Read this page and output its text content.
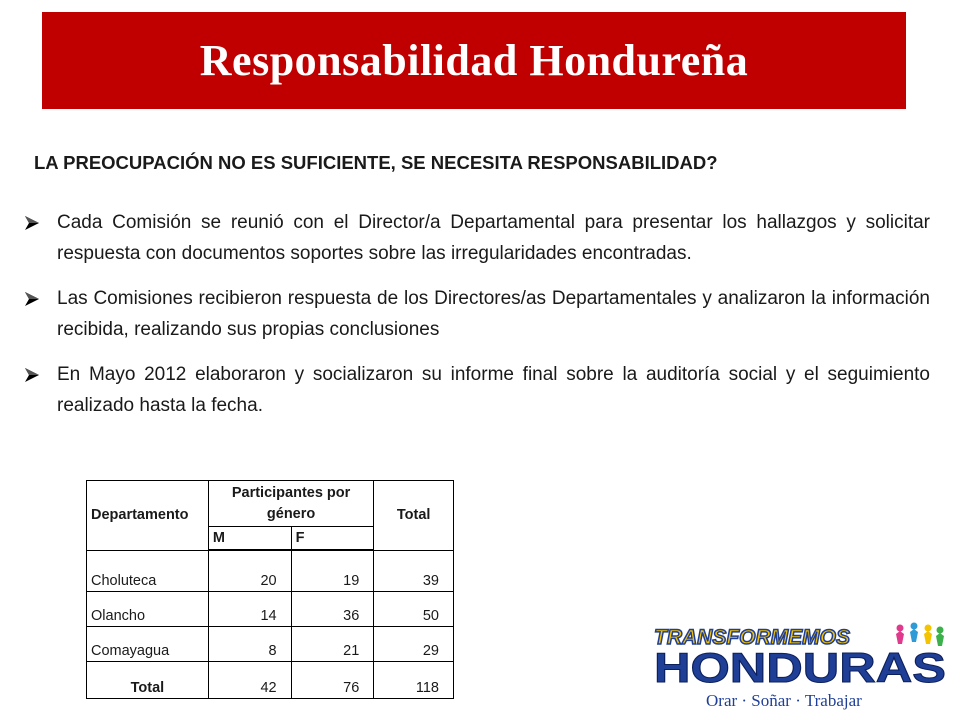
Responsabilidad Hondureña
LA PREOCUPACIÓN NO ES SUFICIENTE, SE NECESITA RESPONSABILIDAD?
Cada Comisión se reunió con el Director/a Departamental para presentar los hallazgos y solicitar respuesta con documentos soportes sobre las irregularidades encontradas.
Las Comisiones recibieron respuesta de los Directores/as Departamentales y analizaron la información recibida, realizando sus propias conclusiones
En Mayo 2012 elaboraron y socializaron su informe final sobre la auditoría social y el seguimiento realizado hasta la fecha.
Departamento	Participantes por género		Total
	M	F	
Choluteca	20	19	39
Olancho	14	36	50
Comayagua	8	21	29
Total	42	76	118
TRANSFORMEMOS
HONDURAS
Orar · Soñar · Trabajar
